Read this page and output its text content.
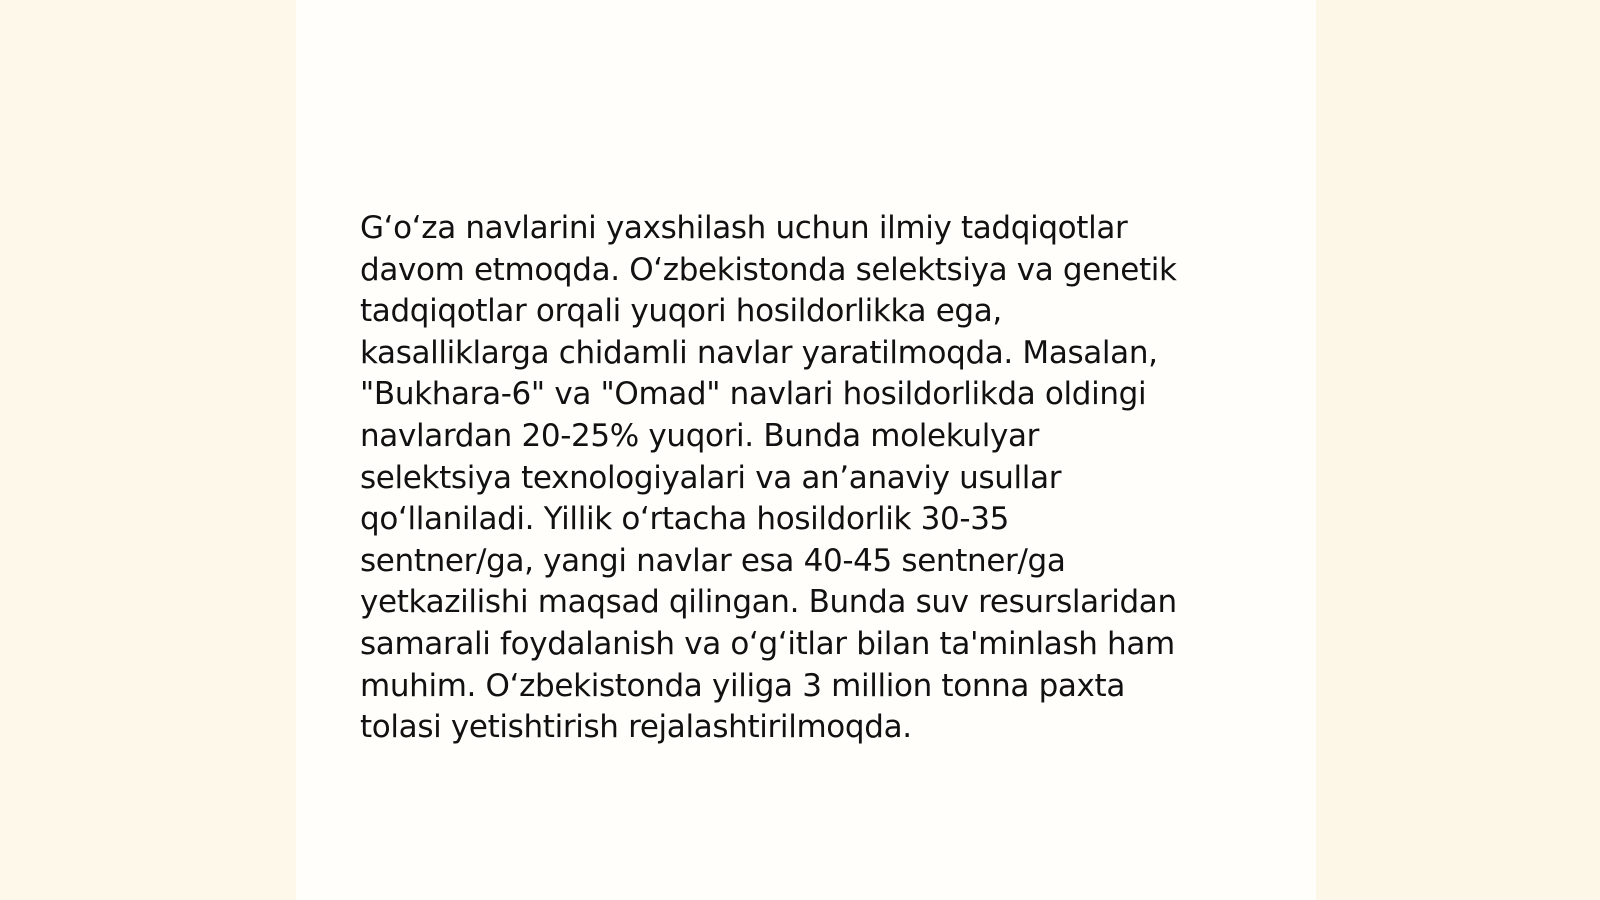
G‘o‘za navlarini yaxshilash uchun ilmiy tadqiqotlar
davom etmoqda. O‘zbekistonda selektsiya va genetik
tadqiqotlar orqali yuqori hosildorlikka ega,
kasalliklarga chidamli navlar yaratilmoqda. Masalan,
"Bukhara-6" va "Omad" navlari hosildorlikda oldingi
navlardan 20-25% yuqori. Bunda molekulyar
selektsiya texnologiyalari va an’anaviy usullar
qo‘llaniladi. Yillik o‘rtacha hosildorlik 30-35
sentner/ga, yangi navlar esa 40-45 sentner/ga
yetkazilishi maqsad qilingan. Bunda suv resurslaridan
samarali foydalanish va o‘g‘itlar bilan ta'minlash ham
muhim. O‘zbekistonda yiliga 3 million tonna paxta
tolasi yetishtirish rejalashtirilmoqda.
